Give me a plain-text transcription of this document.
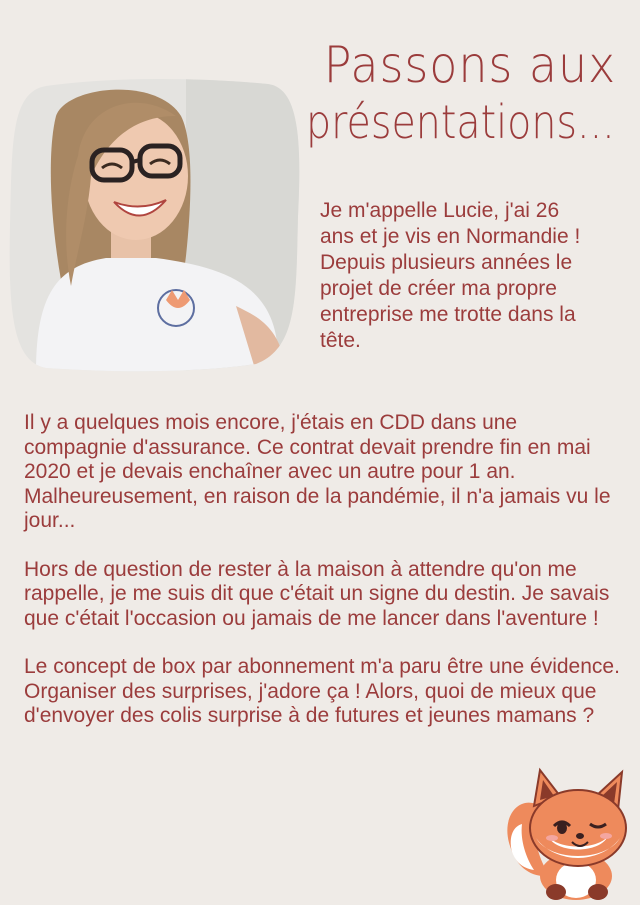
Passons aux
présentations...
Je m'appelle Lucie, j'ai 26 ans et je vis en Normandie ! Depuis plusieurs années le projet de créer ma propre entreprise me trotte dans la tête.

Il y a quelques mois encore, j'étais en CDD dans une compagnie d'assurance. Ce contrat devait prendre fin en mai 2020 et je devais enchaîner avec un autre pour 1 an. Malheureusement, en raison de la pandémie, il n'a jamais vu le jour...

Hors de question de rester à la maison à attendre qu'on me rappelle, je me suis dit que c'était un signe du destin. Je savais que c'était l'occasion ou jamais de me lancer dans l'aventure !

Le concept de box par abonnement m'a paru être une évidence. Organiser des surprises, j'adore ça ! Alors, quoi de mieux que d'envoyer des colis surprise à de futures et jeunes mamans ?
